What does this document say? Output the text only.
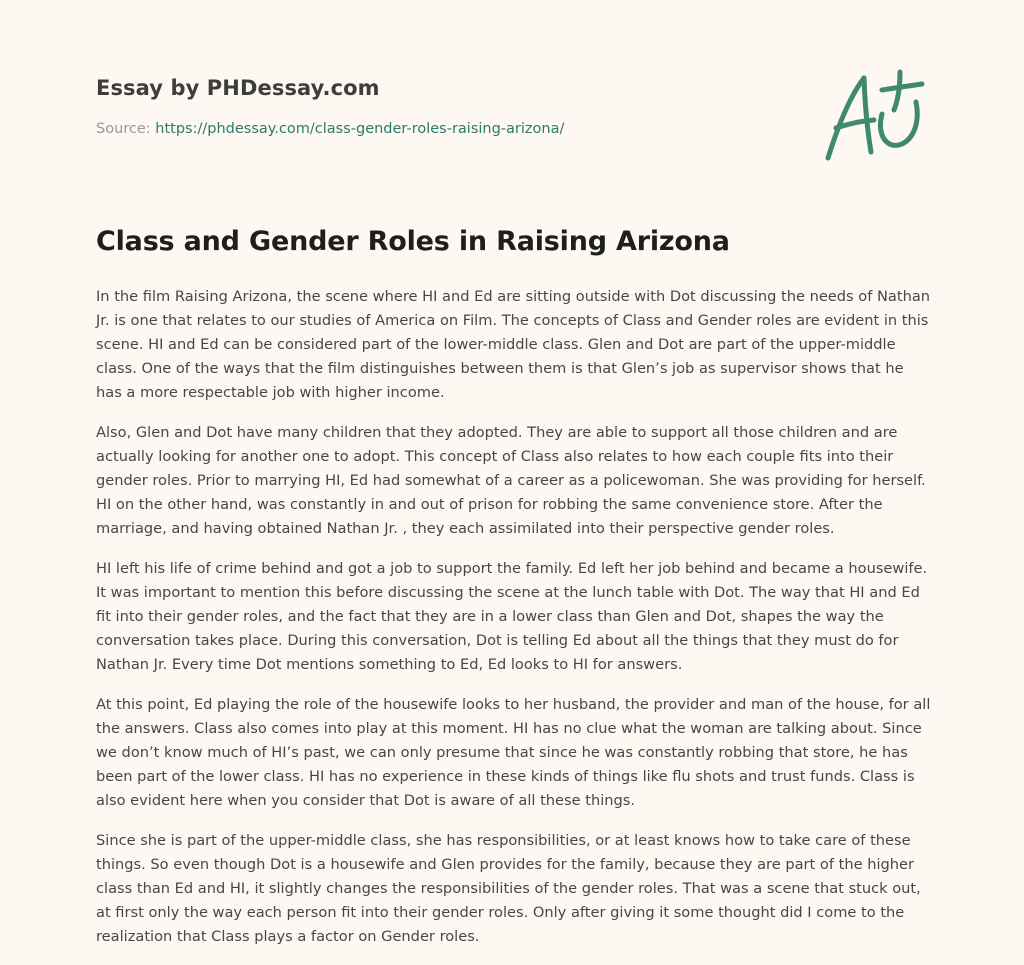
Essay by PHDessay.com
Source: https://phdessay.com/class-gender-roles-raising-arizona/
Class and Gender Roles in Raising Arizona

In the film Raising Arizona, the scene where HI and Ed are sitting outside with Dot discussing the needs of Nathan Jr. is one that relates to our studies of America on Film. The concepts of Class and Gender roles are evident in this scene. HI and Ed can be considered part of the lower-middle class. Glen and Dot are part of the upper-middle class. One of the ways that the film distinguishes between them is that Glen’s job as supervisor shows that he has a more respectable job with higher income.

Also, Glen and Dot have many children that they adopted. They are able to support all those children and are actually looking for another one to adopt. This concept of Class also relates to how each couple fits into their gender roles. Prior to marrying HI, Ed had somewhat of a career as a policewoman. She was providing for herself. HI on the other hand, was constantly in and out of prison for robbing the same convenience store. After the marriage, and having obtained Nathan Jr. , they each assimilated into their perspective gender roles.

HI left his life of crime behind and got a job to support the family. Ed left her job behind and became a housewife. It was important to mention this before discussing the scene at the lunch table with Dot. The way that HI and Ed fit into their gender roles, and the fact that they are in a lower class than Glen and Dot, shapes the way the conversation takes place. During this conversation, Dot is telling Ed about all the things that they must do for Nathan Jr. Every time Dot mentions something to Ed, Ed looks to HI for answers.

At this point, Ed playing the role of the housewife looks to her husband, the provider and man of the house, for all the answers. Class also comes into play at this moment. HI has no clue what the woman are talking about. Since we don’t know much of HI’s past, we can only presume that since he was constantly robbing that store, he has been part of the lower class. HI has no experience in these kinds of things like flu shots and trust funds. Class is also evident here when you consider that Dot is aware of all these things.

Since she is part of the upper-middle class, she has responsibilities, or at least knows how to take care of these things. So even though Dot is a housewife and Glen provides for the family, because they are part of the higher class than Ed and HI, it slightly changes the responsibilities of the gender roles. That was a scene that stuck out, at first only the way each person fit into their gender roles. Only after giving it some thought did I come to the realization that Class plays a factor on Gender roles.
